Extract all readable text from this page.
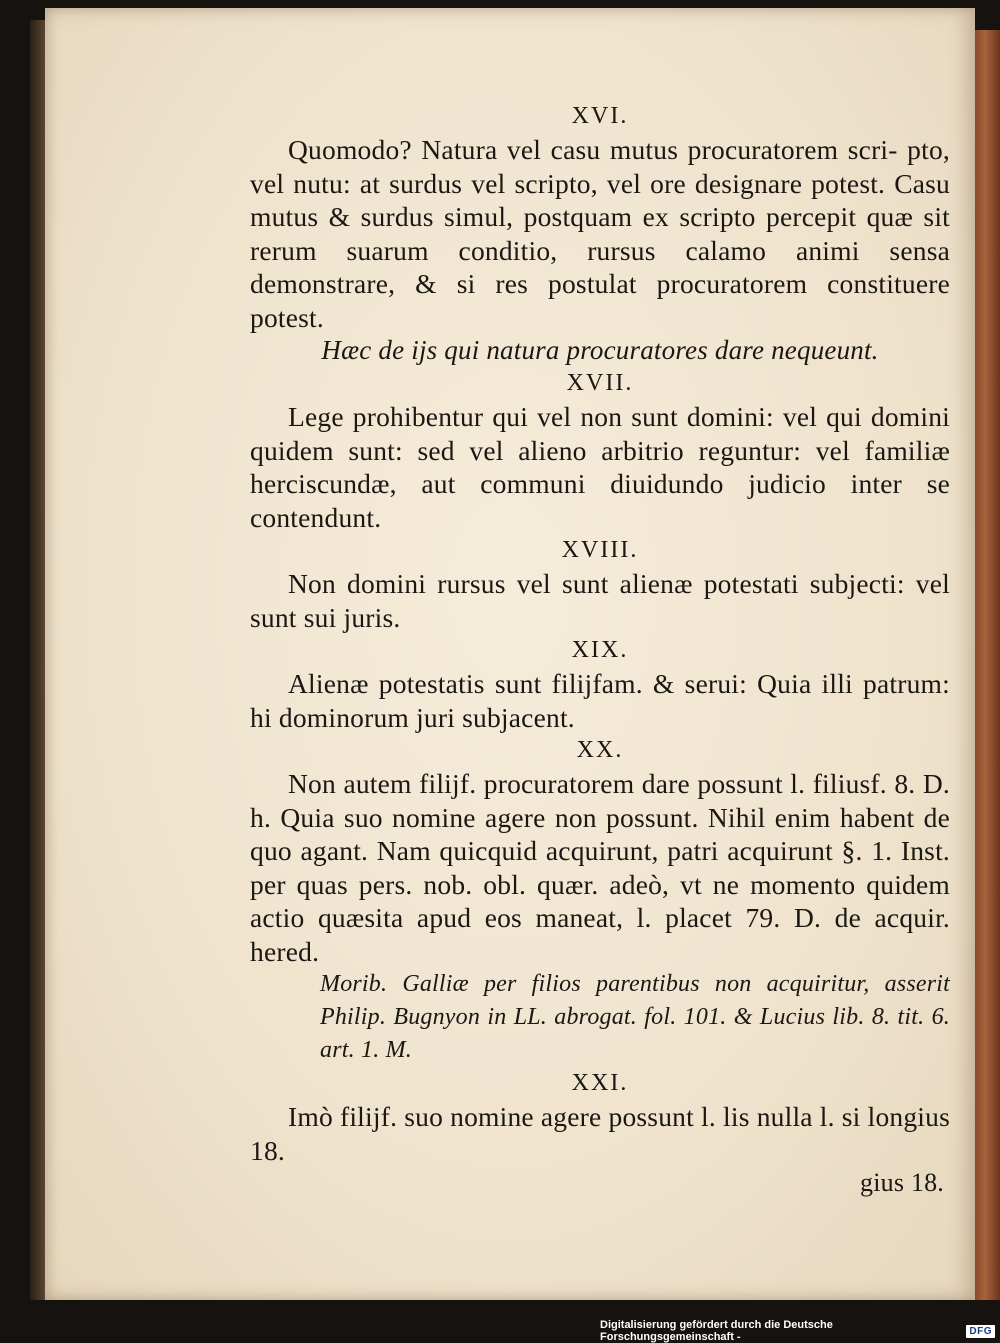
XVI.
Quomodo? Natura vel casu mutus procuratorem scri- pto, vel nutu: at surdus vel scripto, vel ore designare potest. Casu mutus & surdus simul, postquam ex scripto percepit quæ sit rerum suarum conditio, rursus calamo animi sensa demonstrare, & si res postulat procuratorem constituere potest.
Hæc de ijs qui natura procuratores dare nequeunt.
XVII.
Lege prohibentur qui vel non sunt domini: vel qui domini quidem sunt: sed vel alieno arbitrio reguntur: vel familiæ herciscundæ, aut communi diuidundo judicio inter se contendunt.
XVIII.
Non domini rursus vel sunt alienæ potestati subjecti: vel sunt sui juris.
XIX.
Alienæ potestatis sunt filijfam. & serui: Quia illi patrum: hi dominorum juri subjacent.
XX.
Non autem filijf. procuratorem dare possunt l. filiusf. 8. D. h. Quia suo nomine agere non possunt. Nihil enim habent de quo agant. Nam quicquid acquirunt, patri acquirunt §. 1. Inst. per quas pers. nob. obl. quær. adeò, vt ne momento quidem actio quæsita apud eos maneat, l. placet 79. D. de acquir. hered.
Morib. Galliæ per filios parentibus non acquiritur, asserit Philip. Bugnyon in LL. abrogat. fol. 101. & Lucius lib. 8. tit. 6. art. 1. M.
XXI.
Imò filijf. suo nomine agere possunt l. lis nulla l. si longius 18.
gius 18.
Digitalisierung gefördert durch die Deutsche Forschungsgemeinschaft -	DFG
